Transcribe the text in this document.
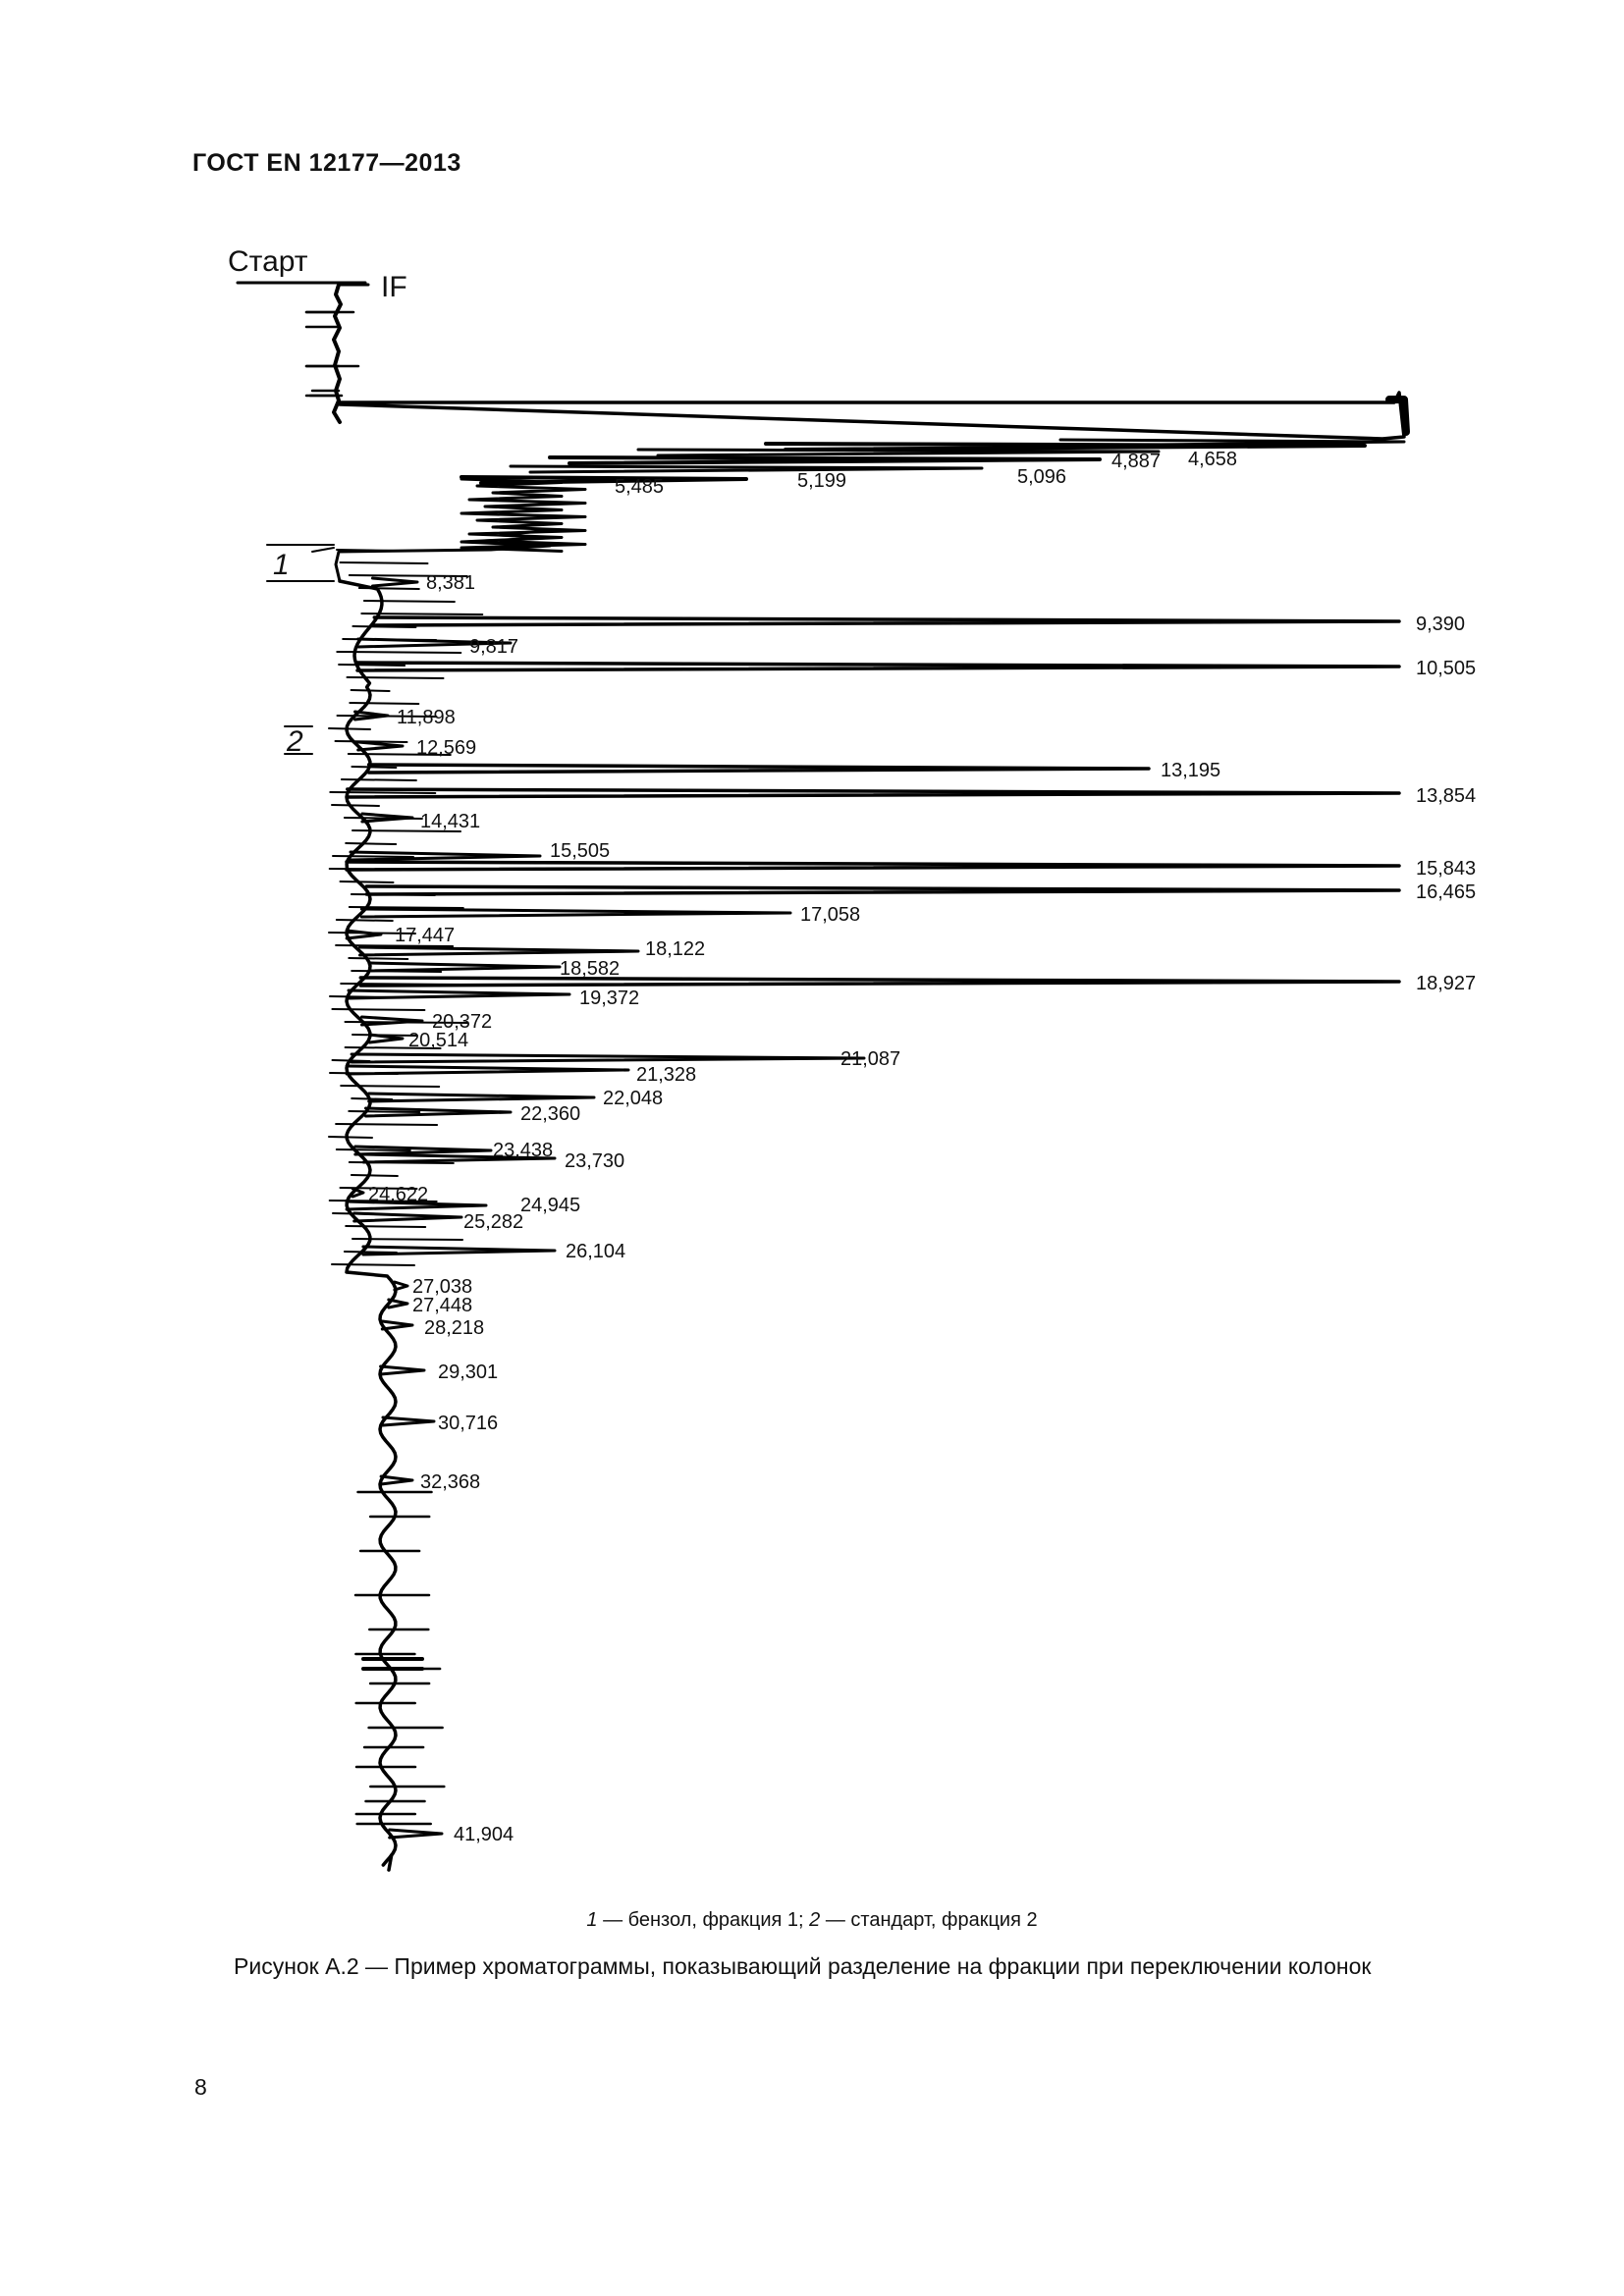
ГОСТ EN 12177—2013
Старт
IF
1
2
4,658
4,887
5,096
5,199
5,485
8,381
9,390
9,817
10,505
11,898
12,569
13,195
13,854
14,431
15,505
15,843
16,465
17,058
17,447
18,122
18,582
18,927
19,372
20,372
20,514
21,087
21,328
22,048
22,360
23,438 23,730
24,622	24,945
25,282
26,104
27,038
27,448
28,218
29,301
30,716
32,368
41,904
1 — бензол, фракция 1; 2 — стандарт, фракция 2
Рисунок А.2 — Пример хроматограммы, показывающий разделение на фракции при переключении колонок
8
